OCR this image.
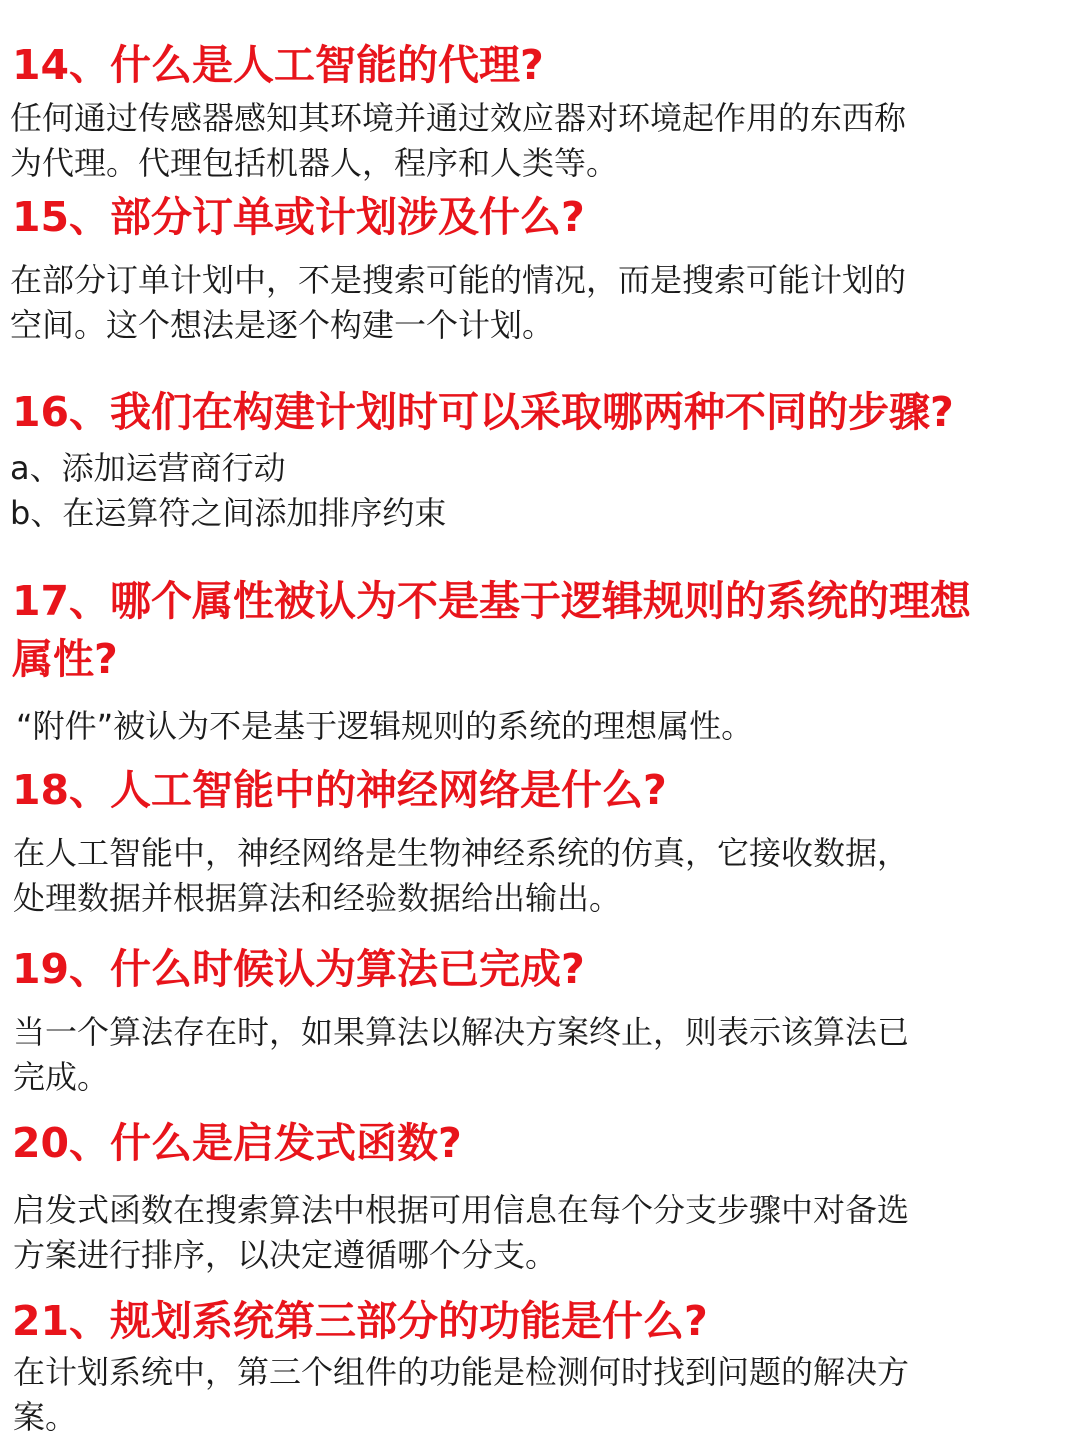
14、什么是人工智能的代理?

任何通过传感器感知其环境并通过效应器对环境起作用的东西称
为代理。代理包括机器人，程序和人类等。

15、部分订单或计划涉及什么?

在部分订单计划中，不是搜索可能的情况，而是搜索可能计划的
空间。这个想法是逐个构建一个计划。

16、我们在构建计划时可以采取哪两种不同的步骤?

a、添加运营商行动
b、在运算符之间添加排序约束

17、哪个属性被认为不是基于逻辑规则的系统的理想
属性?

“附件”被认为不是基于逻辑规则的系统的理想属性。

18、人工智能中的神经网络是什么?

在人工智能中，神经网络是生物神经系统的仿真，它接收数据，
处理数据并根据算法和经验数据给出输出。

19、什么时候认为算法已完成?

当一个算法存在时，如果算法以解决方案终止，则表示该算法已
完成。

20、什么是启发式函数?

启发式函数在搜索算法中根据可用信息在每个分支步骤中对备选
方案进行排序，以决定遵循哪个分支。

21、规划系统第三部分的功能是什么?

在计划系统中，第三个组件的功能是检测何时找到问题的解决方
案。
